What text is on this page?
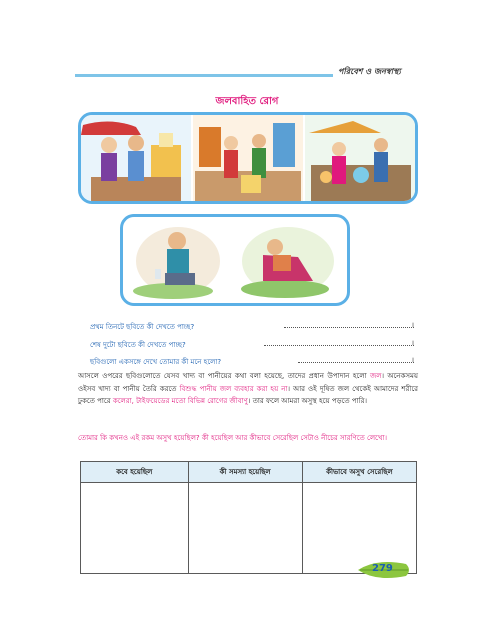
পরিবেশ ও জনস্বাস্থ্য
জলবাহিত রোগ
প্রথম তিনটে ছবিতে কী দেখতে পাচ্ছ?	।
শেষ দুটো ছবিতে কী দেখতে পাচ্ছ?	।
ছবিগুলো একসঙ্গে দেখে তোমার কী মনে হলো?	।
আসলে ওপরের ছবিগুলোতে যেসব খাদ্য বা পানীয়ের কথা বলা হয়েছে, তাদের প্রধান উপাদান হলো জল। অনেকসময় ওইসব খাদ্য বা পানীয় তৈরি করতে বিশুদ্ধ পানীয় জল ব্যবহার করা হয় না। আর ওই দূষিত জল থেকেই আমাদের শরীরে ঢুকতে পারে কলেরা, টাইফয়েডের মতো বিভিন্ন রোগের জীবাণু। তার ফলে আমরা অসুস্থ হয়ে পড়তে পারি।
তোমার কি কখনও এই রকম অসুখ হয়েছিল? কী হয়েছিল আর কীভাবে সেরেছিল সেটাও নীচের সারণিতে লেখো।
কবে হয়েছিল	কী সমস্যা হয়েছিল	কীভাবে অসুখ সেরেছিল

279
